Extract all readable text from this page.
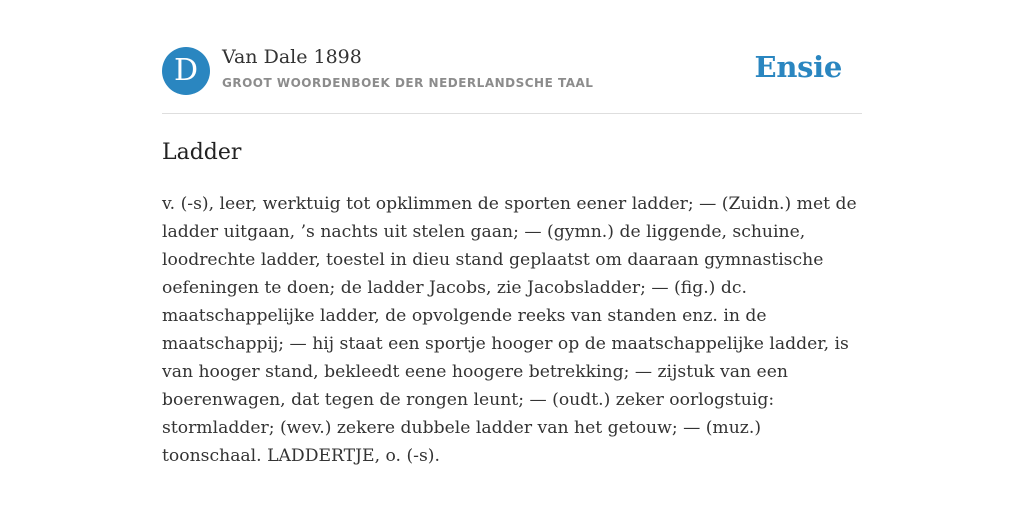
D	Van Dale 1898
GROOT WOORDENBOEK DER NEDERLANDSCHE TAAL	Ensie
Ladder
v. (-s), leer, werktuig tot opklimmen de sporten eener ladder; — (Zuidn.) met de ladder uitgaan, ’s nachts uit stelen gaan; — (gymn.) de liggende, schuine, loodrechte ladder, toestel in dieu stand geplaatst om daaraan gymnastische oefeningen te doen; de ladder Jacobs, zie Jacobsladder; — (fig.) dc. maatschappelijke ladder, de opvolgende reeks van standen enz. in de maatschappij; — hij staat een sportje hooger op de maatschappelijke ladder, is van hooger stand, bekleedt eene hoogere betrekking; — zijstuk van een boerenwagen, dat tegen de rongen leunt; — (oudt.) zeker oorlogstuig: stormladder; (wev.) zekere dubbele ladder van het getouw; — (muz.) toonschaal. LADDERTJE, o. (-s).
